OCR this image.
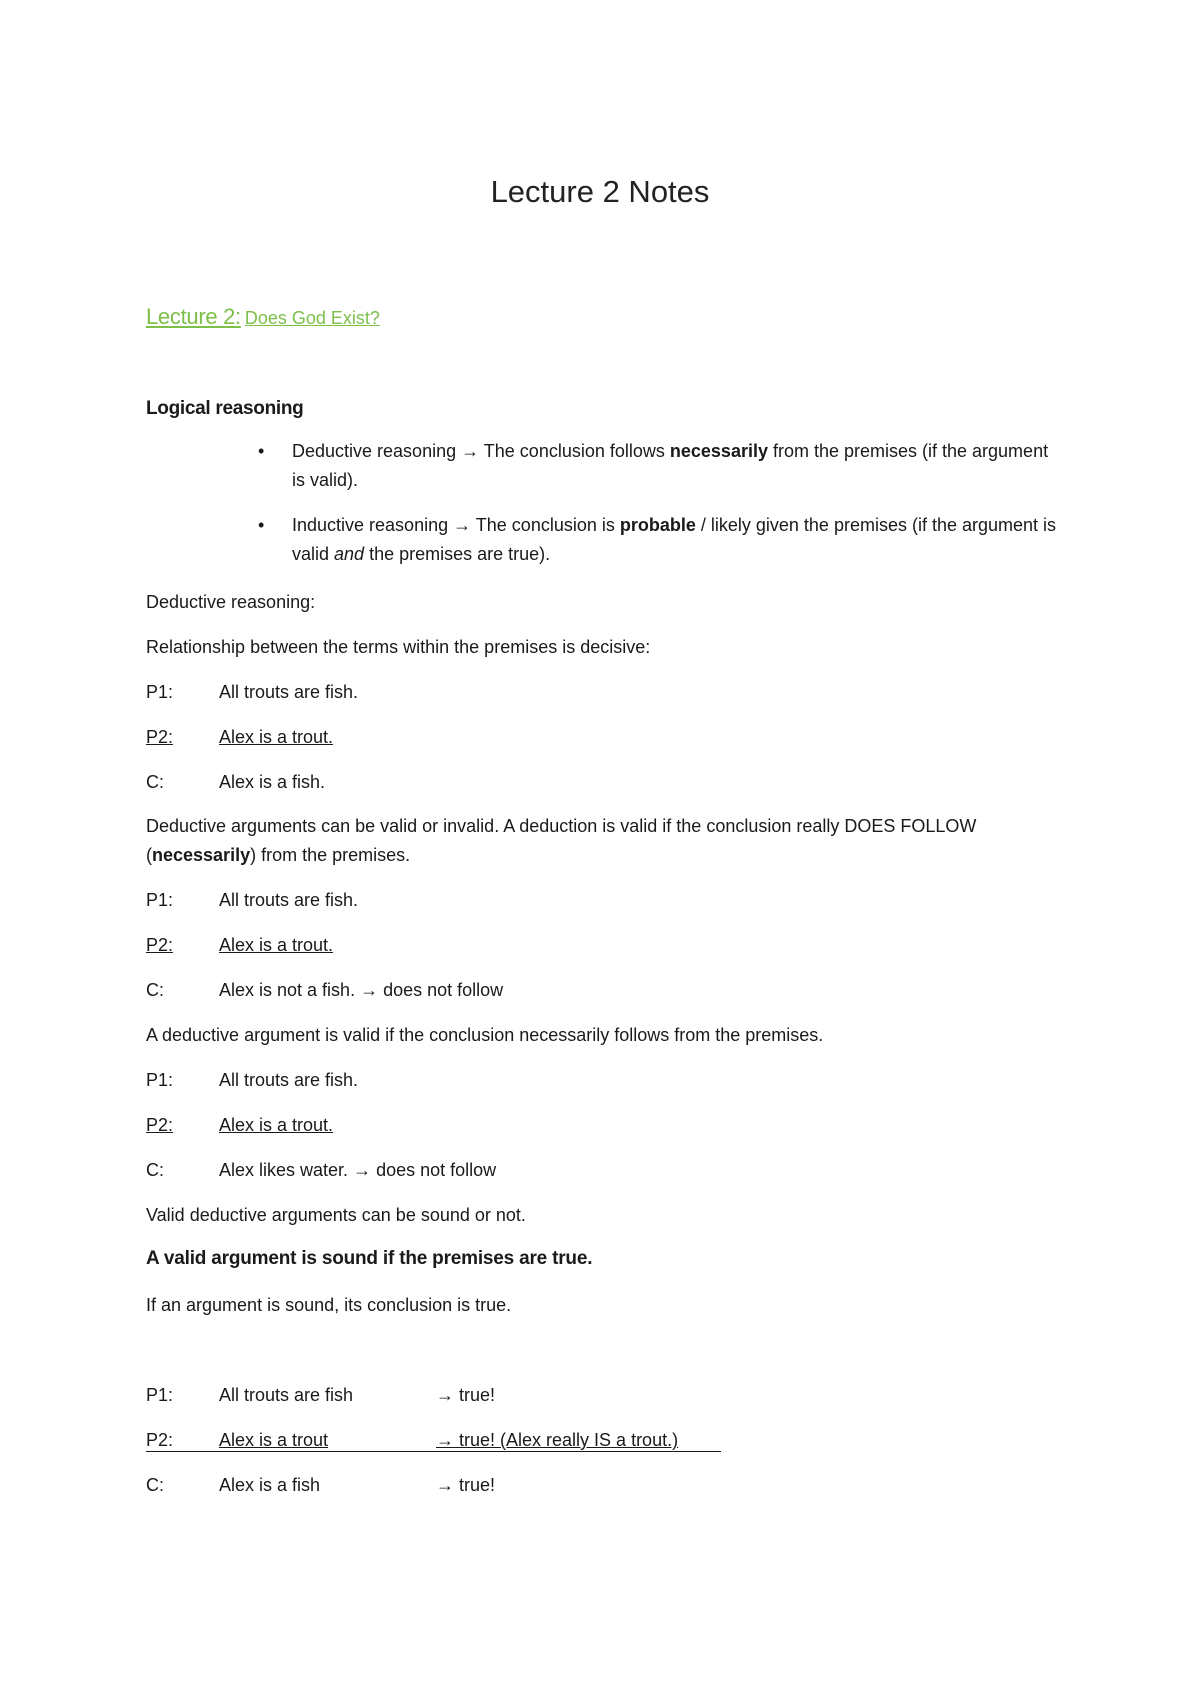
Lecture 2 Notes
Lecture 2: Does God Exist?
Logical reasoning
• Deductive reasoning → The conclusion follows necessarily from the premises (if the argument is valid).
• Inductive reasoning → The conclusion is probable / likely given the premises (if the argument is valid and the premises are true).
Deductive reasoning:
Relationship between the terms within the premises is decisive:
P1:	All trouts are fish.
P2:	Alex is a trout.
C:	Alex is a fish.
Deductive arguments can be valid or invalid. A deduction is valid if the conclusion really DOES FOLLOW (necessarily) from the premises.
P1:	All trouts are fish.
P2:	Alex is a trout.
C:	Alex is not a fish. → does not follow
A deductive argument is valid if the conclusion necessarily follows from the premises.
P1:	All trouts are fish.
P2:	Alex is a trout.
C:	Alex likes water. → does not follow
Valid deductive arguments can be sound or not.
A valid argument is sound if the premises are true.
If an argument is sound, its conclusion is true.
P1:	All trouts are fish	→ true!
P2:	Alex is a trout	→ true! (Alex really IS a trout.)
C:	Alex is a fish	→ true!
